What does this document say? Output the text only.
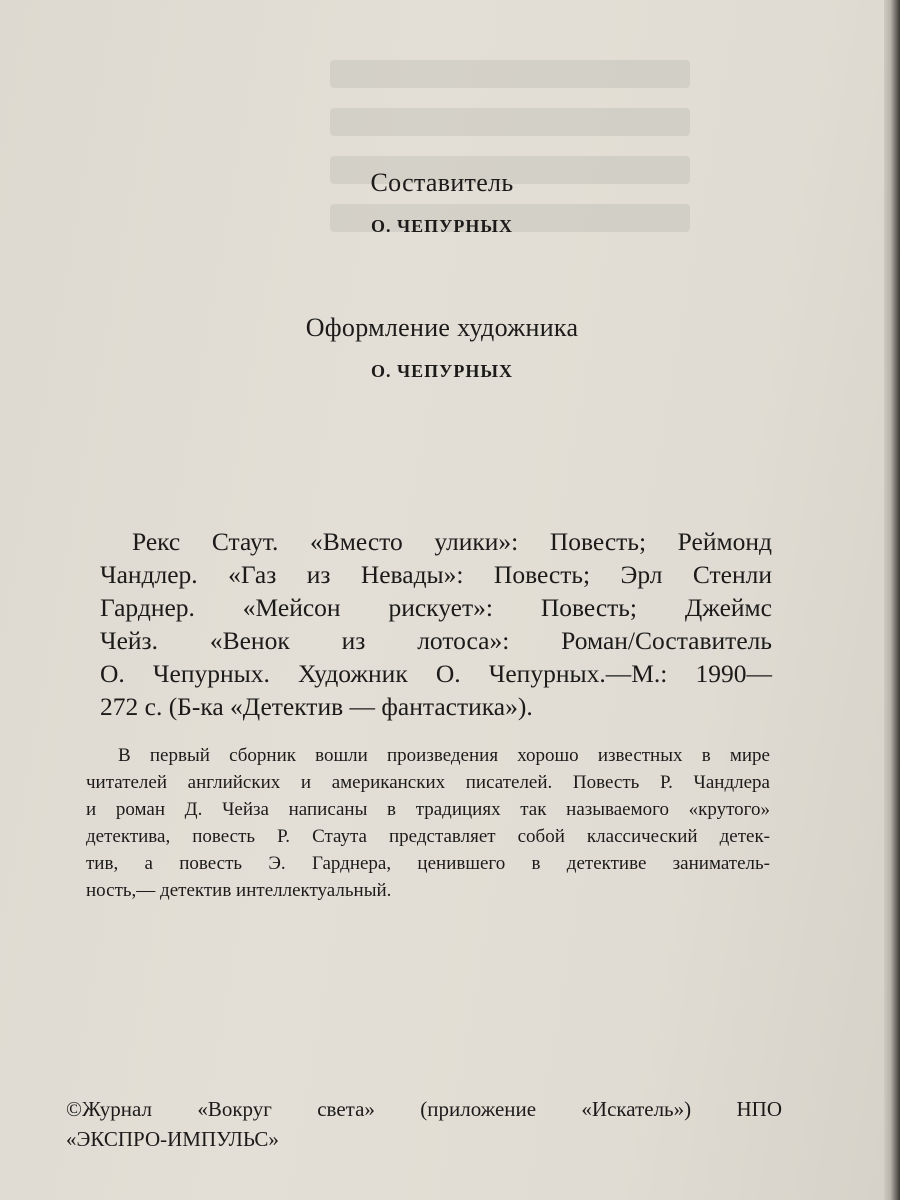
Составитель
О. ЧЕПУРНЫХ
Оформление художника
О. ЧЕПУРНЫХ

Рекс Стаут. «Вместо улики»: Повесть; Реймонд
Чандлер. «Газ из Невады»: Повесть; Эрл Стенли
Гарднер. «Мейсон рискует»: Повесть; Джеймс
Чейз. «Венок из лотоса»: Роман/Составитель
О. Чепурных. Художник О. Чепурных.—М.: 1990—
272 с. (Б-ка «Детектив — фантастика»).

В первый сборник вошли произведения хорошо известных в мире
читателей английских и американских писателей. Повесть Р. Чандлера
и роман Д. Чейза написаны в традициях так называемого «крутого»
детектива, повесть Р. Стаута представляет собой классический детек-
тив, а повесть Э. Гарднера, ценившего в детективе заниматель-
ность,— детектив интеллектуальный.

©Журнал «Вокруг света» (приложение «Искатель») НПО
«ЭКСПРО-ИМПУЛЬС»
